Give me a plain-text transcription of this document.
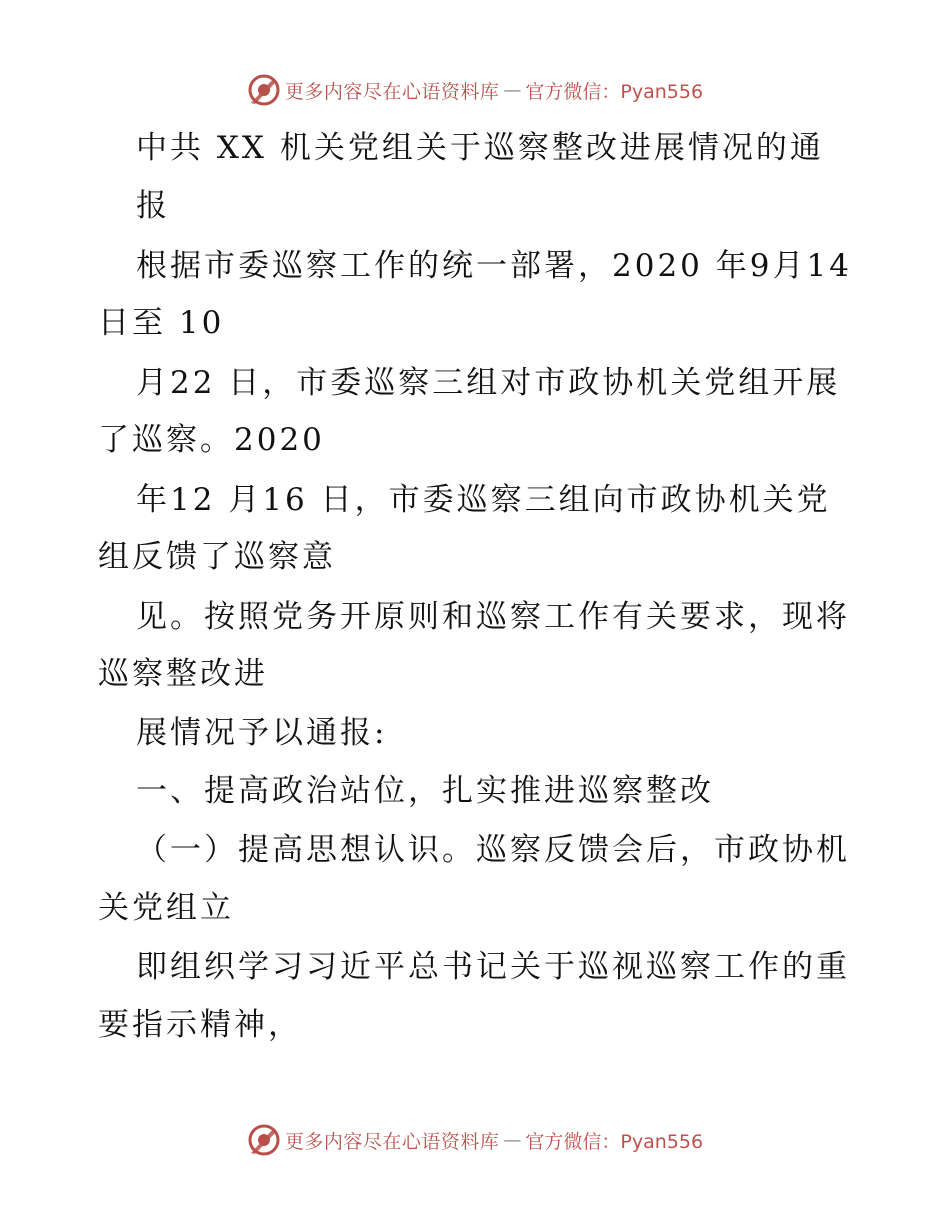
更多内容尽在心语资料库 — 官方微信：Pyan556
中共 XX 机关党组关于巡察整改进展情况的通
报
根据市委巡察工作的统一部署，2020 年9月14
日至 10
月22 日，市委巡察三组对市政协机关党组开展
了巡察。2020
年12 月16 日，市委巡察三组向市政协机关党
组反馈了巡察意
见。按照党务开原则和巡察工作有关要求，现将
巡察整改进
展情况予以通报:
一、提高政治站位，扎实推进巡察整改
（一）提高思想认识。巡察反馈会后，市政协机
关党组立
即组织学习习近平总书记关于巡视巡察工作的重
要指示精神，
更多内容尽在心语资料库 — 官方微信：Pyan556
